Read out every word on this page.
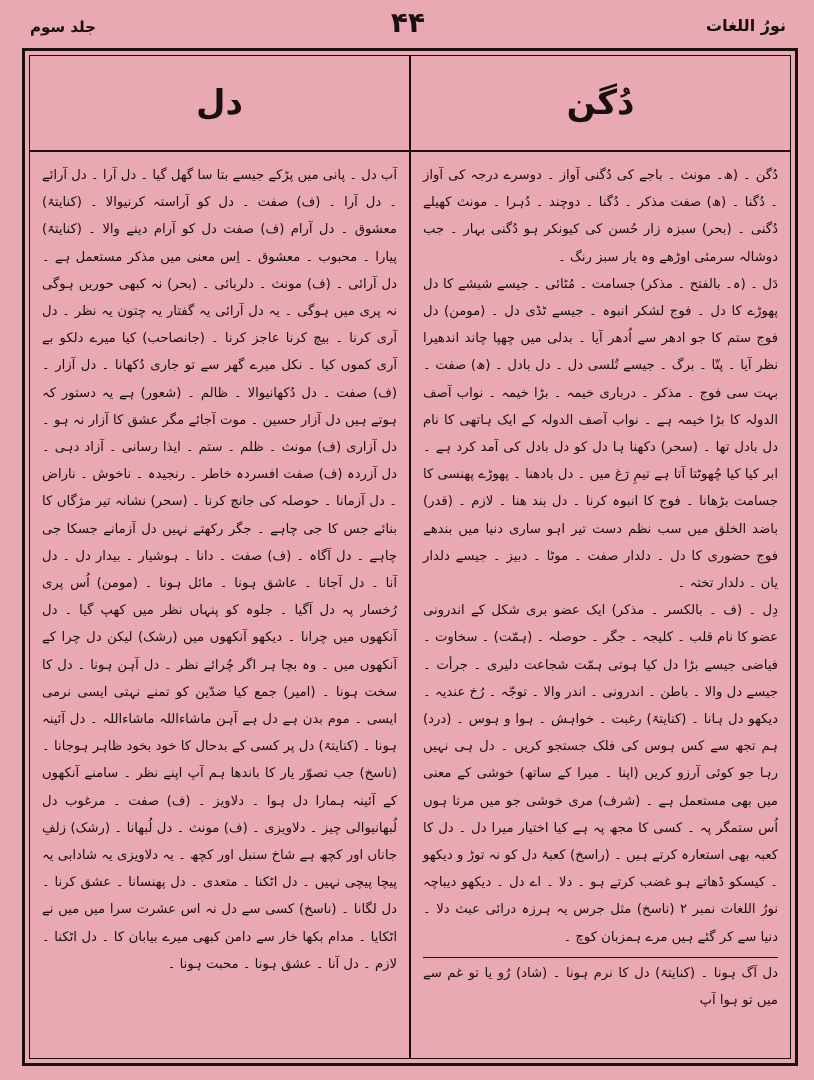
نورُ اللغات
۴۴
جلد سوم
دُگن
دل

دُگن ۔ (ھ۔ مونث ۔ باجے کی دُگنی آواز ۔ دوسرے درجہ کی آواز ۔ دُگنا ۔ (ھ) صفت مذکر ۔ دُگنا ۔ دوچند ۔ دُہرا ۔ مونث کھیلے دُگنی ۔ (بحر) سبزہ زار حُسن کی کیونکر ہو دُگنی بہار ۔ جب دوشالہ سرمئی اوڑھے وہ یار سبز رنگ ۔

دَل ۔ (ہ۔ بالفتح ۔ مذکر) جسامت ۔ مُٹائی ۔ جیسے شیشے کا دل پھوڑے کا دل ۔ فوج لشکر انبوہ ۔ جیسے ٹڈی دل ۔ (مومن) دل فوج ستم کا جو ادھر سے اُدھر آیا ۔ بدلی میں چھپا چاند اندھیرا نظر آیا ۔ پتّا ۔ برگ ۔ جیسے تُلسی دل ۔ دل بادل ۔ (ھ) صفت ۔ بہت سی فوج ۔ مذکر ۔ درباری خیمہ ۔ بڑا خیمہ ۔ نواب آصف الدولہ کا بڑا خیمہ ہے ۔ نواب آصف الدولہ کے ایک ہاتھی کا نام دل بادل تھا ۔ (سحر) دکھنا ہا دل کو دل بادل کی آمد کرد ہے ۔ ابر کیا کیا چُھوٹتا آتا ہے تیمِ رَغ میں ۔ دل بادھنا ۔ پھوڑے پھنسی کا جسامت بڑھانا ۔ فوج کا انبوہ کرنا ۔ دل بند ھنا ۔ لازم ۔ (قدر) باضد الخلق میں سب نظم دست تیر اہو ساری دنیا میں بندھے فوج حضوری کا دل ۔ دلدار صفت ۔ موٹا ۔ دبیز ۔ جیسے دلدار یان ۔ دلدار تختہ ۔

دِل ۔ (ف ۔ بالکسر ۔ مذکر) ایک عضو بری شکل کے اندرونی عضو کا نام قلب ۔ کلیجہ ۔ جگر ۔ حوصلہ ۔ (ہمّت) ۔ سخاوت ۔ فیاضی جیسے بڑا دل کیا ہوتی ہمّت شجاعت دلیری ۔ جرأت ۔ جیسے دل والا ۔ باطن ۔ اندرونی ۔ اندر والا ۔ توجّہ ۔ رُخ عندیہ ۔ دیکھو دل ہانا ۔ (کنایتہً) رغبت ۔ خواہش ۔ ہوا و ہوس ۔ (درد) ہم تجھ سے کس ہوس کی فلک جستجو کریں ۔ دل ہی نہیں رہا جو کوئی آرزو کریں (اپنا ۔ میرا کے ساتھ) خوشی کے معنی میں بھی مستعمل ہے ۔ (شرف) مری خوشی جو میں مرتا ہوں اُس ستمگر پہ ۔ کسی کا مجھ پہ ہے کیا اختیار میرا دل ۔ دل کا کعبہ بھی استعارہ کرتے ہیں ۔ (راسخ) کعبۂ دل کو نہ توڑ و دیکھو ۔ کیسکو ڈھاتے ہو غضب کرتے ہو ۔ دلا ۔ اے دل ۔ دیکھو دیباچہ نورُ اللغات نمبر ۲ (ناسخ) مثل جرس یہ ہرزہ درائی عبث دلا ۔ دنیا سے کر گئے ہیں مرے ہمزبان کوچ ۔

دل آگ ہونا ۔ (کنایتہً) دل کا نرم ہونا ۔ (شاد) رُو یا تو غم سے میں تو ہوا آپ

آب دل ۔ پانی میں پڑکے جیسے بتا سا گھل گیا ۔ دل آرا ۔ دل آرائے ۔ دل آرا ۔ (ف) صفت ۔ دل کو آراستہ کرنیوالا ۔ (کنایتہً) معشوق ۔ دل آرام (ف) صفت دل کو آرام دینے والا ۔ (کنایتہً) پیارا ۔ محبوب ۔ معشوق ۔ اِس معنی میں مذکر مستعمل ہے ۔ دل آرائی ۔ (ف) مونث ۔ دلربائی ۔ (بحر) نہ کبھی حوریں ہوگی نہ پری میں ہوگی ۔ یہ دل آرائی یہ گفتار یہ چتون یہ نظر ۔ دل آری کرنا ۔ بیچ کرنا عاجز کرنا ۔ (جانصاحب) کیا میرے دلکو بے آری کموں کیا ۔ نکل میرے گھر سے تو جاری دُکھانا ۔ دل آزار ۔ (ف) صفت ۔ دل دُکھانیوالا ۔ ظالم ۔ (شعور) ہے یہ دستور کہ ہوتے ہیں دل آزار حسین ۔ موت آجائے مگر عشق کا آزار نہ ہو ۔ دل آزاری (ف) مونث ۔ ظلم ۔ ستم ۔ ایذا رسانی ۔ آزاد دہی ۔ دل آزردہ (ف) صفت افسردہ خاطر ۔ رنجیدہ ۔ ناخوش ۔ ناراض ۔ دل آزمانا ۔ حوصلہ کی جانچ کرنا ۔ (سحر) نشانہ تیر مژگاں کا بنائے جس کا جی چاہے ۔ جگر رکھتے نہیں دل آزمانے جسکا جی چاہے ۔ دل آگاہ ۔ (ف) صفت ۔ دانا ۔ ہوشیار ۔ بیدار دل ۔ دل آنا ۔ دل آجانا ۔ عاشق ہونا ۔ مائل ہونا ۔ (مومن) اُس پری رُخسار پہ دل آگیا ۔ جلوہ کو پنہاں نظر میں کھپ گیا ۔ دل آنکھوں میں چرانا ۔ دیکھو آنکھوں میں (رشک) لیکن دل چرا کے آنکھوں میں ۔ وہ بچا ہر اگر چُرائے نظر ۔ دل آہن ہونا ۔ دل کا سخت ہونا ۔ (امیر) جمع کیا ضدّین کو تمنے نہتی ایسی نرمی ایسی ۔ موم بدن ہے دل ہے آہن ماشاءاللہ ماشاءاللہ ۔ دل آئینہ ہونا ۔ (کنایتہً) دل پر کسی کے بدحال کا خود بخود ظاہر ہوجانا ۔ (ناسخ) جب تصوّر یار کا باندھا ہم آپ اپنے نظر ۔ سامنے آنکھوں کے آئینہ ہمارا دل ہوا ۔ دلاویز ۔ (ف) صفت ۔ مرغوب دل لُبھانیوالی چیز ۔ دلاویزی ۔ (ف) مونث ۔ دل لُبھانا ۔ (رشک) زلفِ جاناں اور کچھ ہے شاخ سنبل اور کچھ ۔ یہ دلاویزی یہ شادابی یہ پیچا پیچی نہیں ۔ دل اٹکنا ۔ متعدی ۔ دل پھنسانا ۔ عشق کرنا ۔ دل لگانا ۔ (ناسخ) کسی سے دل نہ اس عشرت سرا میں میں نے اٹکایا ۔ مدام بکھا خار سے دامن کبھی میرے بیابان کا ۔ دل اٹکنا ۔ لازم ۔ دل آنا ۔ عشق ہونا ۔ محبت ہونا ۔
